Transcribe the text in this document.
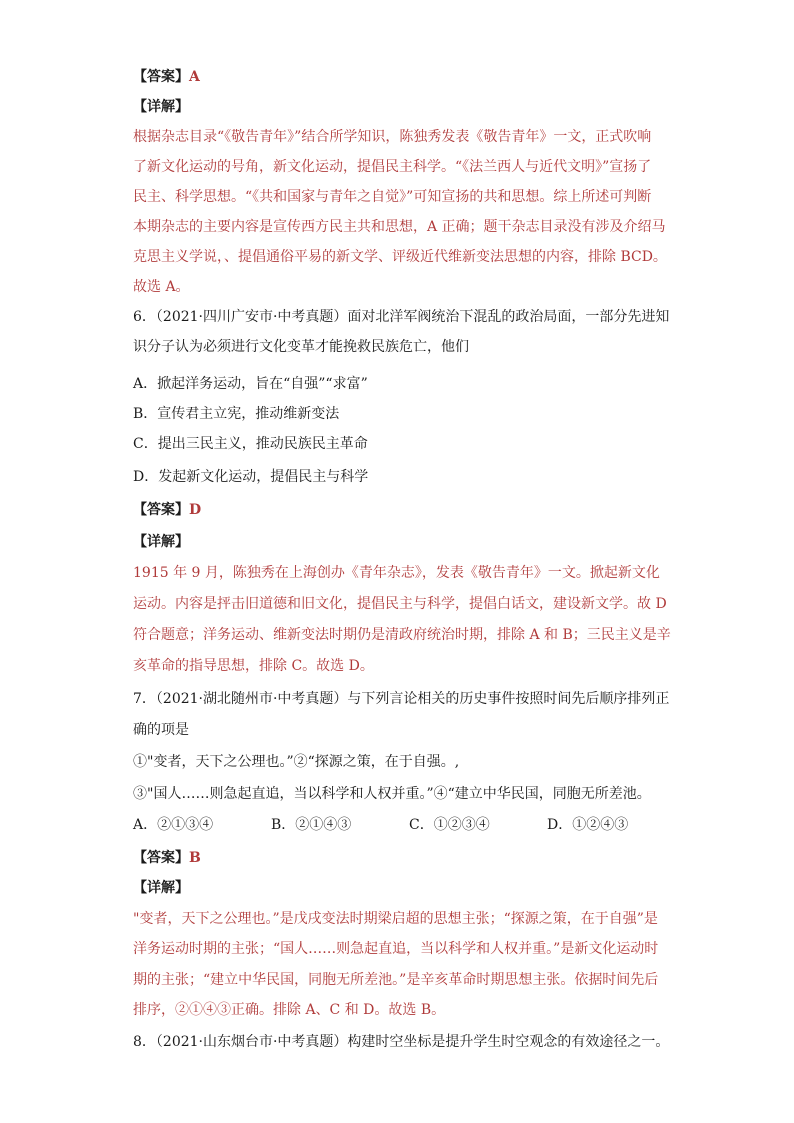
【答案】A
【详解】
根据杂志目录“《敬告青年》”结合所学知识，陈独秀发表《敬告青年》一文，正式吹响
了新文化运动的号角，新文化运动，提倡民主科学。“《法兰西人与近代文明》”宣扬了
民主、科学思想。“《共和国家与青年之自觉》”可知宣扬的共和思想。综上所述可判断
本期杂志的主要内容是宣传西方民主共和思想，A 正确；题干杂志目录没有涉及介绍马
克思主义学说，、提倡通俗平易的新文学、评级近代维新变法思想的内容，排除 BCD。
故选 A。
6．（2021·四川广安市·中考真题）面对北洋军阀统治下混乱的政治局面，一部分先进知
识分子认为必须进行文化变革才能挽救民族危亡，他们
A．掀起洋务运动，旨在“自强”“求富”
B．宣传君主立宪，推动维新变法
C．提出三民主义，推动民族民主革命
D．发起新文化运动，提倡民主与科学
【答案】D
【详解】
1915 年 9 月，陈独秀在上海创办《青年杂志》，发表《敬告青年》一文。掀起新文化
运动。内容是抨击旧道德和旧文化，提倡民主与科学，提倡白话文，建设新文学。故 D
符合题意；洋务运动、维新变法时期仍是清政府统治时期，排除 A 和 B；三民主义是辛
亥革命的指导思想，排除 C。故选 D。
7．（2021·湖北随州市·中考真题）与下列言论相关的历史事件按照时间先后顺序排列正
确的项是
①"变者，天下之公理也。”②“探源之策，在于自强。,
③"国人……则急起直追，当以科学和人权并重。”④“建立中华民国，同胞无所差池。
A．②①③④	B．②①④③	C．①②③④	D．①②④③
【答案】B
【详解】
"变者，天下之公理也。”是戊戌变法时期梁启超的思想主张；“探源之策，在于自强”是
洋务运动时期的主张；“国人……则急起直追，当以科学和人权并重。”是新文化运动时
期的主张；“建立中华民国，同胞无所差池。”是辛亥革命时期思想主张。依据时间先后
排序，②①④③正确。排除 A、C 和 D。故选 B。
8．（2021·山东烟台市·中考真题）构建时空坐标是提升学生时空观念的有效途径之一。
